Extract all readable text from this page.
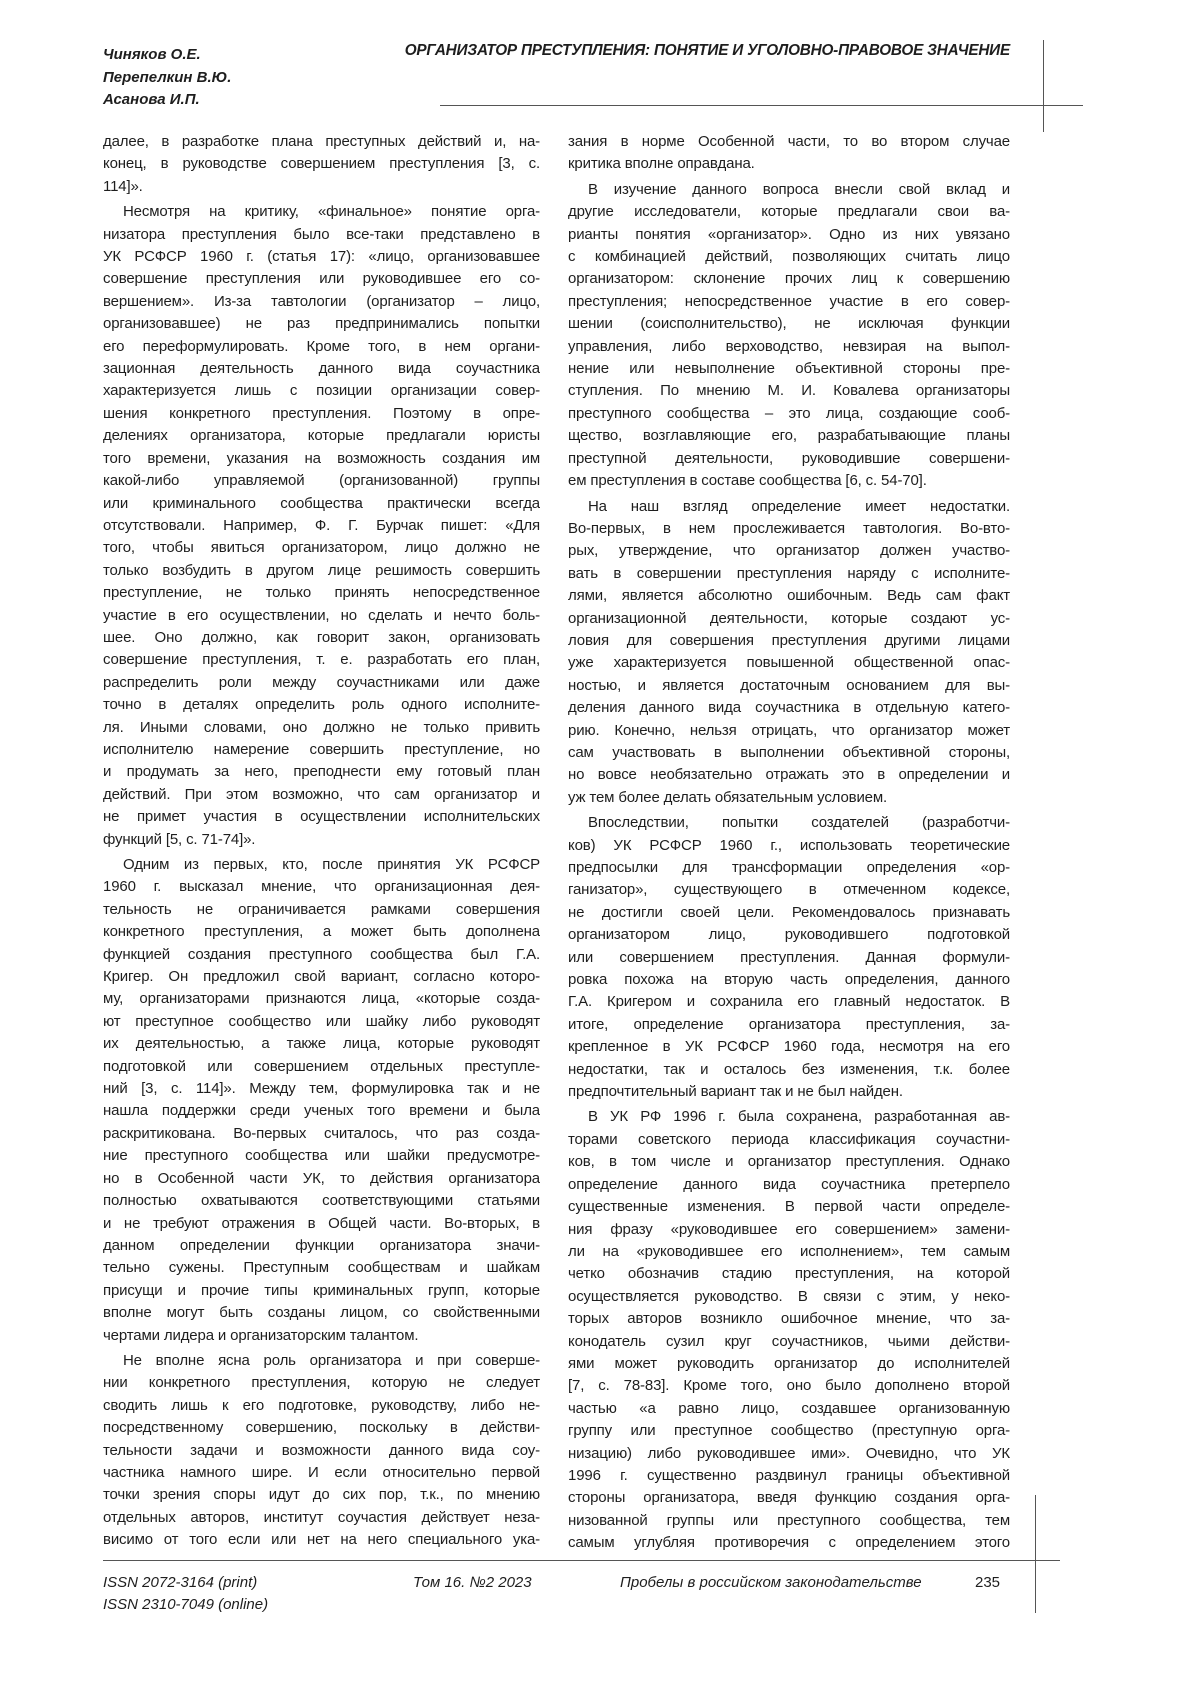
Чиняков О.Е.
Перепелкин В.Ю.
Асанова И.П.
ОРГАНИЗАТОР ПРЕСТУПЛЕНИЯ: ПОНЯТИЕ И УГОЛОВНО-ПРАВОВОЕ ЗНАЧЕНИЕ
далее, в разработке плана преступных действий и, на-
конец, в руководстве совершением преступления [3, с.
114]».
Несмотря на критику, «финальное» понятие орга-
низатора преступления было все-таки представлено в
УК РСФСР 1960 г. (статья 17): «лицо, организовавшее
совершение преступления или руководившее его со-
вершением». Из-за тавтологии (организатор – лицо,
организовавшее) не раз предпринимались попытки
его переформулировать. Кроме того, в нем органи-
зационная деятельность данного вида соучастника
характеризуется лишь с позиции организации совер-
шения конкретного преступления. Поэтому в опре-
делениях организатора, которые предлагали юристы
того времени, указания на возможность создания им
какой-либо управляемой (организованной) группы
или криминального сообщества практически всегда
отсутствовали. Например, Ф. Г. Бурчак пишет: «Для
того, чтобы явиться организатором, лицо должно не
только возбудить в другом лице решимость совершить
преступление, не только принять непосредственное
участие в его осуществлении, но сделать и нечто боль-
шее. Оно должно, как говорит закон, организовать
совершение преступления, т. е. разработать его план,
распределить роли между соучастниками или даже
точно в деталях определить роль одного исполните-
ля. Иными словами, оно должно не только привить
исполнителю намерение совершить преступление, но
и продумать за него, преподнести ему готовый план
действий. При этом возможно, что сам организатор и
не примет участия в осуществлении исполнительских
функций [5, с. 71-74]».
Одним из первых, кто, после принятия УК РСФСР
1960 г. высказал мнение, что организационная дея-
тельность не ограничивается рамками совершения
конкретного преступления, а может быть дополнена
функцией создания преступного сообщества был Г.А.
Кригер. Он предложил свой вариант, согласно которо-
му, организаторами признаются лица, «которые созда-
ют преступное сообщество или шайку либо руководят
их деятельностью, а также лица, которые руководят
подготовкой или совершением отдельных преступле-
ний [3, с. 114]». Между тем, формулировка так и не
нашла поддержки среди ученых того времени и была
раскритикована. Во-первых считалось, что раз созда-
ние преступного сообщества или шайки предусмотре-
но в Особенной части УК, то действия организатора
полностью охватываются соответствующими статьями
и не требуют отражения в Общей части. Во-вторых, в
данном определении функции организатора значи-
тельно сужены. Преступным сообществам и шайкам
присущи и прочие типы криминальных групп, которые
вполне могут быть созданы лицом, со свойственными
чертами лидера и организаторским талантом.
Не вполне ясна роль организатора и при соверше-
нии конкретного преступления, которую не следует
сводить лишь к его подготовке, руководству, либо не-
посредственному совершению, поскольку в действи-
тельности задачи и возможности данного вида соу-
частника намного шире. И если относительно первой
точки зрения споры идут до сих пор, т.к., по мнению
отдельных авторов, институт соучастия действует неза-
висимо от того если или нет на него специального ука-
зания в норме Особенной части, то во втором случае
критика вполне оправдана.
В изучение данного вопроса внесли свой вклад и
другие исследователи, которые предлагали свои ва-
рианты понятия «организатор». Одно из них увязано
с комбинацией действий, позволяющих считать лицо
организатором: склонение прочих лиц к совершению
преступления; непосредственное участие в его совер-
шении (соисполнительство), не исключая функции
управления, либо верховодство, невзирая на выпол-
нение или невыполнение объективной стороны пре-
ступления. По мнению М. И. Ковалева организаторы
преступного сообщества – это лица, создающие сооб-
щество, возглавляющие его, разрабатывающие планы
преступной деятельности, руководившие совершени-
ем преступления в составе сообщества [6, с. 54-70].
На наш взгляд определение имеет недостатки.
Во-первых, в нем прослеживается тавтология. Во-вто-
рых, утверждение, что организатор должен участво-
вать в совершении преступления наряду с исполните-
лями, является абсолютно ошибочным. Ведь сам факт
организационной деятельности, которые создают ус-
ловия для совершения преступления другими лицами
уже характеризуется повышенной общественной опас-
ностью, и является достаточным основанием для вы-
деления данного вида соучастника в отдельную катего-
рию. Конечно, нельзя отрицать, что организатор может
сам участвовать в выполнении объективной стороны,
но вовсе необязательно отражать это в определении и
уж тем более делать обязательным условием.
Впоследствии, попытки создателей (разработчи-
ков) УК РСФСР 1960 г., использовать теоретические
предпосылки для трансформации определения «ор-
ганизатор», существующего в отмеченном кодексе,
не достигли своей цели. Рекомендовалось признавать
организатором лицо, руководившего подготовкой
или совершением преступления. Данная формули-
ровка похожа на вторую часть определения, данного
Г.А. Кригером и сохранила его главный недостаток. В
итоге, определение организатора преступления, за-
крепленное в УК РСФСР 1960 года, несмотря на его
недостатки, так и осталось без изменения, т.к. более
предпочтительный вариант так и не был найден.
В УК РФ 1996 г. была сохранена, разработанная ав-
торами советского периода классификация соучастни-
ков, в том числе и организатор преступления. Однако
определение данного вида соучастника претерпело
существенные изменения. В первой части определе-
ния фразу «руководившее его совершением» замени-
ли на «руководившее его исполнением», тем самым
четко обозначив стадию преступления, на которой
осуществляется руководство. В связи с этим, у неко-
торых авторов возникло ошибочное мнение, что за-
конодатель сузил круг соучастников, чьими действи-
ями может руководить организатор до исполнителей
[7, с. 78-83]. Кроме того, оно было дополнено второй
частью «а равно лицо, создавшее организованную
группу или преступное сообщество (преступную орга-
низацию) либо руководившее ими». Очевидно, что УК
1996 г. существенно раздвинул границы объективной
стороны организатора, введя функцию создания орга-
низованной группы или преступного сообщества, тем
самым углубляя противоречия с определением этого
ISSN 2072-3164 (print)
ISSN 2310-7049 (online)
Том 16. №2 2023	Пробелы в российском законодательстве	235
